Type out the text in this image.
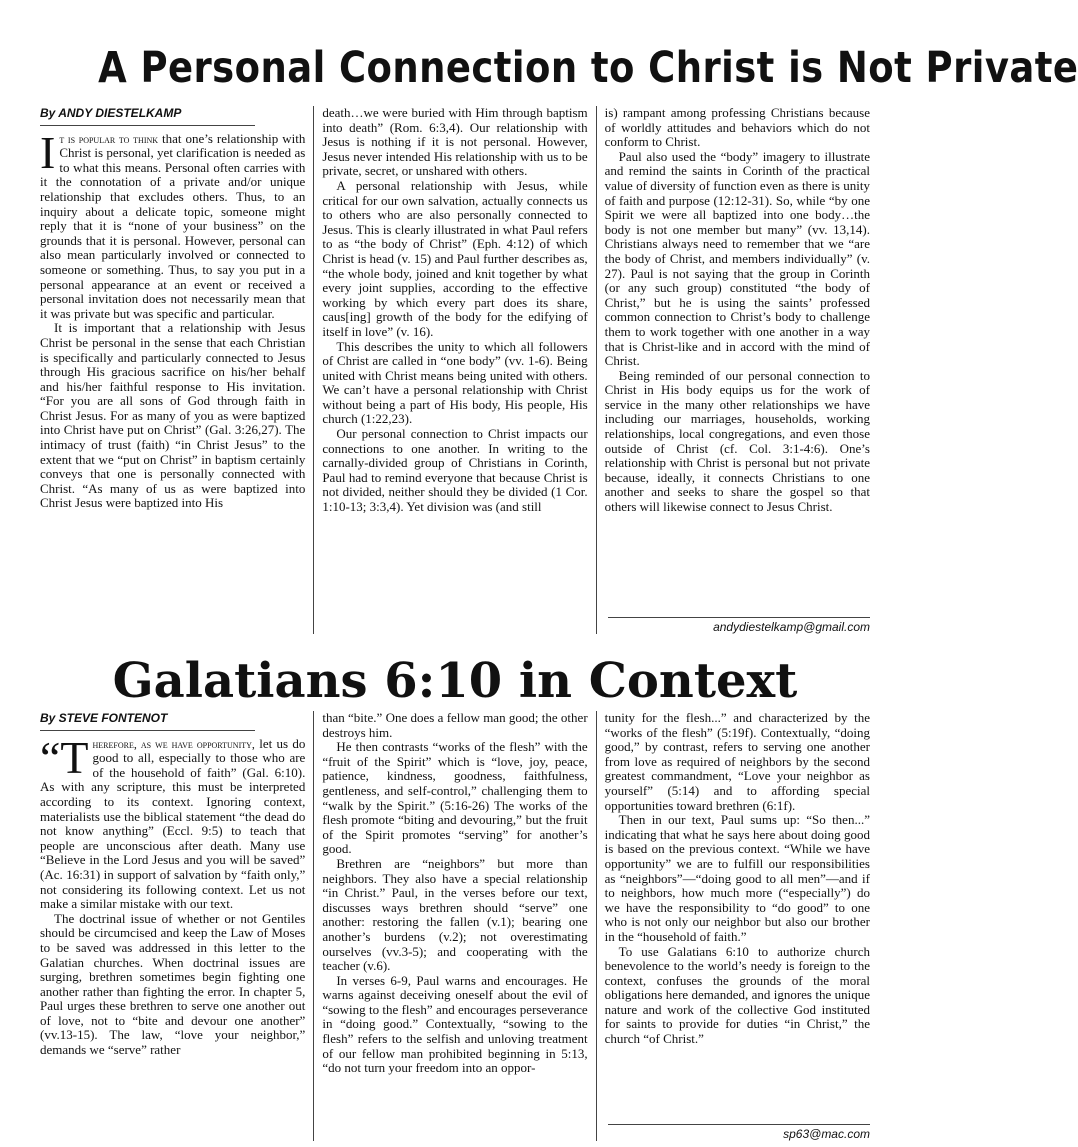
A Personal Connection to Christ is Not Private
By ANDY DIESTELKAMP

It is popular to think that one’s relationship with Christ is personal, yet clarification is needed as to what this means. Personal often carries with it the connotation of a private and/or unique relationship that excludes others. Thus, to an inquiry about a delicate topic, someone might reply that it is “none of your business” on the grounds that it is personal. However, personal can also mean particularly involved or connected to someone or something. Thus, to say you put in a personal appearance at an event or received a personal invitation does not necessarily mean that it was private but was specific and particular.

It is important that a relationship with Jesus Christ be personal in the sense that each Christian is specifically and particularly connected to Jesus through His gracious sacrifice on his/her behalf and his/her faithful response to His invitation. “For you are all sons of God through faith in Christ Jesus. For as many of you as were baptized into Christ have put on Christ” (Gal. 3:26,27). The intimacy of trust (faith) “in Christ Jesus” to the extent that we “put on Christ” in baptism certainly conveys that one is personally connected with Christ. “As many of us as were baptized into Christ Jesus were baptized into His

death…we were buried with Him through baptism into death” (Rom. 6:3,4). Our relationship with Jesus is nothing if it is not personal. However, Jesus never intended His relationship with us to be private, secret, or unshared with others.

A personal relationship with Jesus, while critical for our own salvation, actually connects us to others who are also personally connected to Jesus. This is clearly illustrated in what Paul refers to as “the body of Christ” (Eph. 4:12) of which Christ is head (v. 15) and Paul further describes as, “the whole body, joined and knit together by what every joint supplies, according to the effective working by which every part does its share, caus[ing] growth of the body for the edifying of itself in love” (v. 16).

This describes the unity to which all followers of Christ are called in “one body” (vv. 1-6). Being united with Christ means being united with others. We can’t have a personal relationship with Christ without being a part of His body, His people, His church (1:22,23).

Our personal connection to Christ impacts our connections to one another. In writing to the carnally-divided group of Christians in Corinth, Paul had to remind everyone that because Christ is not divided, neither should they be divided (1 Cor. 1:10-13; 3:3,4). Yet division was (and still

is) rampant among professing Christians because of worldly attitudes and behaviors which do not conform to Christ.

Paul also used the “body” imagery to illustrate and remind the saints in Corinth of the practical value of diversity of function even as there is unity of faith and purpose (12:12-31). So, while “by one Spirit we were all baptized into one body…the body is not one member but many” (vv. 13,14). Christians always need to remember that we “are the body of Christ, and members individually” (v. 27). Paul is not saying that the group in Corinth (or any such group) constituted “the body of Christ,” but he is using the saints’ professed common connection to Christ’s body to challenge them to work together with one another in a way that is Christ-like and in accord with the mind of Christ.

Being reminded of our personal connection to Christ in His body equips us for the work of service in the many other relationships we have including our marriages, households, working relationships, local congregations, and even those outside of Christ (cf. Col. 3:1-4:6). One’s relationship with Christ is personal but not private because, ideally, it connects Christians to one another and seeks to share the gospel so that others will likewise connect to Jesus Christ.

andydiestelkamp@gmail.com
Galatians 6:10 in Context
By STEVE FONTENOT

“Therefore, as we have opportunity, let us do good to all, especially to those who are of the household of faith” (Gal. 6:10). As with any scripture, this must be interpreted according to its context. Ignoring context, materialists use the biblical statement “the dead do not know anything” (Eccl. 9:5) to teach that people are unconscious after death. Many use “Believe in the Lord Jesus and you will be saved” (Ac. 16:31) in support of salvation by “faith only,” not considering its following context. Let us not make a similar mistake with our text.

The doctrinal issue of whether or not Gentiles should be circumcised and keep the Law of Moses to be saved was addressed in this letter to the Galatian churches. When doctrinal issues are surging, brethren sometimes begin fighting one another rather than fighting the error. In chapter 5, Paul urges these brethren to serve one another out of love, not to “bite and devour one another” (vv.13-15). The law, “love your neighbor,” demands we “serve” rather

than “bite.” One does a fellow man good; the other destroys him.

He then contrasts “works of the flesh” with the “fruit of the Spirit” which is “love, joy, peace, patience, kindness, goodness, faithfulness, gentleness, and self-control,” challenging them to “walk by the Spirit.” (5:16-26) The works of the flesh promote “biting and devouring,” but the fruit of the Spirit promotes “serving” for another’s good.

Brethren are “neighbors” but more than neighbors. They also have a special relationship “in Christ.” Paul, in the verses before our text, discusses ways brethren should “serve” one another: restoring the fallen (v.1); bearing one another’s burdens (v.2); not overestimating ourselves (vv.3-5); and cooperating with the teacher (v.6).

In verses 6-9, Paul warns and encourages. He warns against deceiving oneself about the evil of “sowing to the flesh” and encourages perseverance in “doing good.” Contextually, “sowing to the flesh” refers to the selfish and unloving treatment of our fellow man prohibited beginning in 5:13, “do not turn your freedom into an oppor-

tunity for the flesh...” and characterized by the “works of the flesh” (5:19f). Contextually, “doing good,” by contrast, refers to serving one another from love as required of neighbors by the second greatest commandment, “Love your neighbor as yourself” (5:14) and to affording special opportunities toward brethren (6:1f).

Then in our text, Paul sums up: “So then...” indicating that what he says here about doing good is based on the previous context. “While we have opportunity” we are to fulfill our responsibilities as “neighbors”—“doing good to all men”—and if to neighbors, how much more (“especially”) do we have the responsibility to “do good” to one who is not only our neighbor but also our brother in the “household of faith.”

To use Galatians 6:10 to authorize church benevolence to the world’s needy is foreign to the context, confuses the grounds of the moral obligations here demanded, and ignores the unique nature and work of the collective God instituted for saints to provide for duties “in Christ,” the church “of Christ.”

sp63@mac.com
